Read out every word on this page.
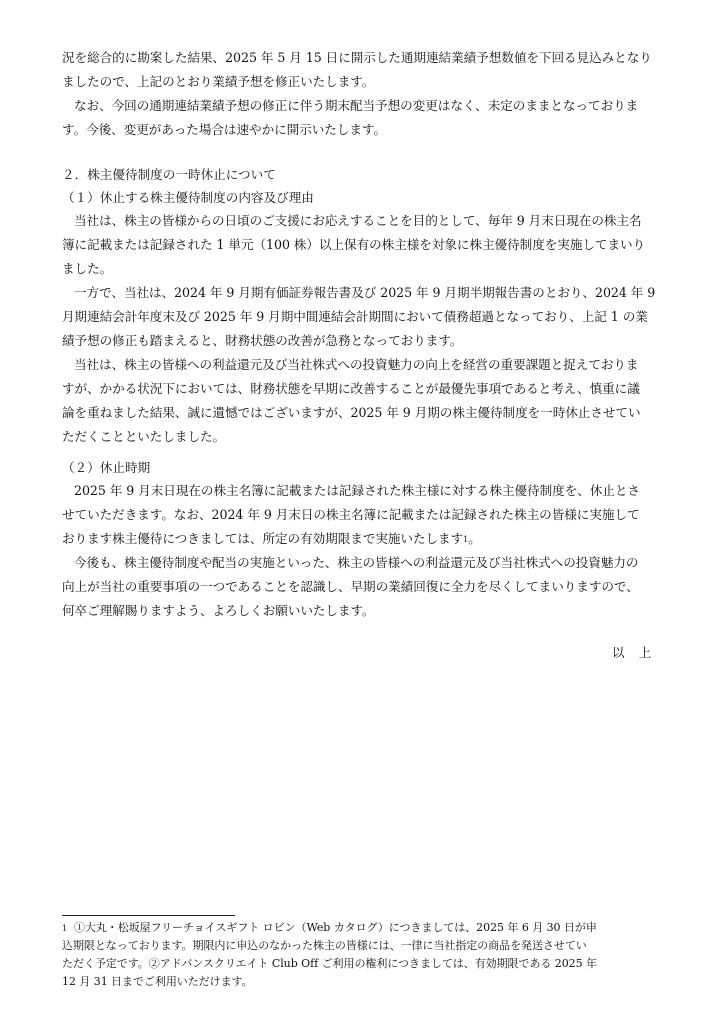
況を総合的に勘案した結果、2025 年 5 月 15 日に開示した通期連結業績予想数値を下回る見込みとなり
ましたので、上記のとおり業績予想を修正いたします。
なお、今回の通期連結業績予想の修正に伴う期末配当予想の変更はなく、未定のままとなっておりま
す。今後、変更があった場合は速やかに開示いたします。
２．株主優待制度の一時休止について
（１）休止する株主優待制度の内容及び理由
当社は、株主の皆様からの日頃のご支援にお応えすることを目的として、毎年 9 月末日現在の株主名
簿に記載または記録された 1 単元（100 株）以上保有の株主様を対象に株主優待制度を実施してまいり
ました。
一方で、当社は、2024 年 9 月期有価証券報告書及び 2025 年 9 月期半期報告書のとおり、2024 年 9
月期連結会計年度末及び 2025 年 9 月期中間連結会計期間において債務超過となっており、上記 1 の業
績予想の修正も踏まえると、財務状態の改善が急務となっております。
当社は、株主の皆様への利益還元及び当社株式への投資魅力の向上を経営の重要課題と捉えておりま
すが、かかる状況下においては、財務状態を早期に改善することが最優先事項であると考え、慎重に議
論を重ねました結果、誠に遺憾ではございますが、2025 年 9 月期の株主優待制度を一時休止させてい
ただくことといたしました。
（２）休止時期
2025 年 9 月末日現在の株主名簿に記載または記録された株主様に対する株主優待制度を、休止とさ
せていただきます。なお、2024 年 9 月末日の株主名簿に記載または記録された株主の皆様に実施して
おります株主優待につきましては、所定の有効期限まで実施いたします$^1$。
今後も、株主優待制度や配当の実施といった、株主の皆様への利益還元及び当社株式への投資魅力の
向上が当社の重要事項の一つであることを認識し、早期の業績回復に全力を尽くしてまいりますので、
何卒ご理解賜りますよう、よろしくお願いいたします。
以上
$^1$ ①大丸・松坂屋フリーチョイスギフト ロビン（Web カタログ）につきましては、2025 年 6 月 30 日が申
込期限となっております。期限内に申込のなかった株主の皆様には、一律に当社指定の商品を発送させてい
ただく予定です。②アドバンスクリエイト Club Off ご利用の権利につきましては、有効期限である 2025 年
12 月 31 日までご利用いただけます。
